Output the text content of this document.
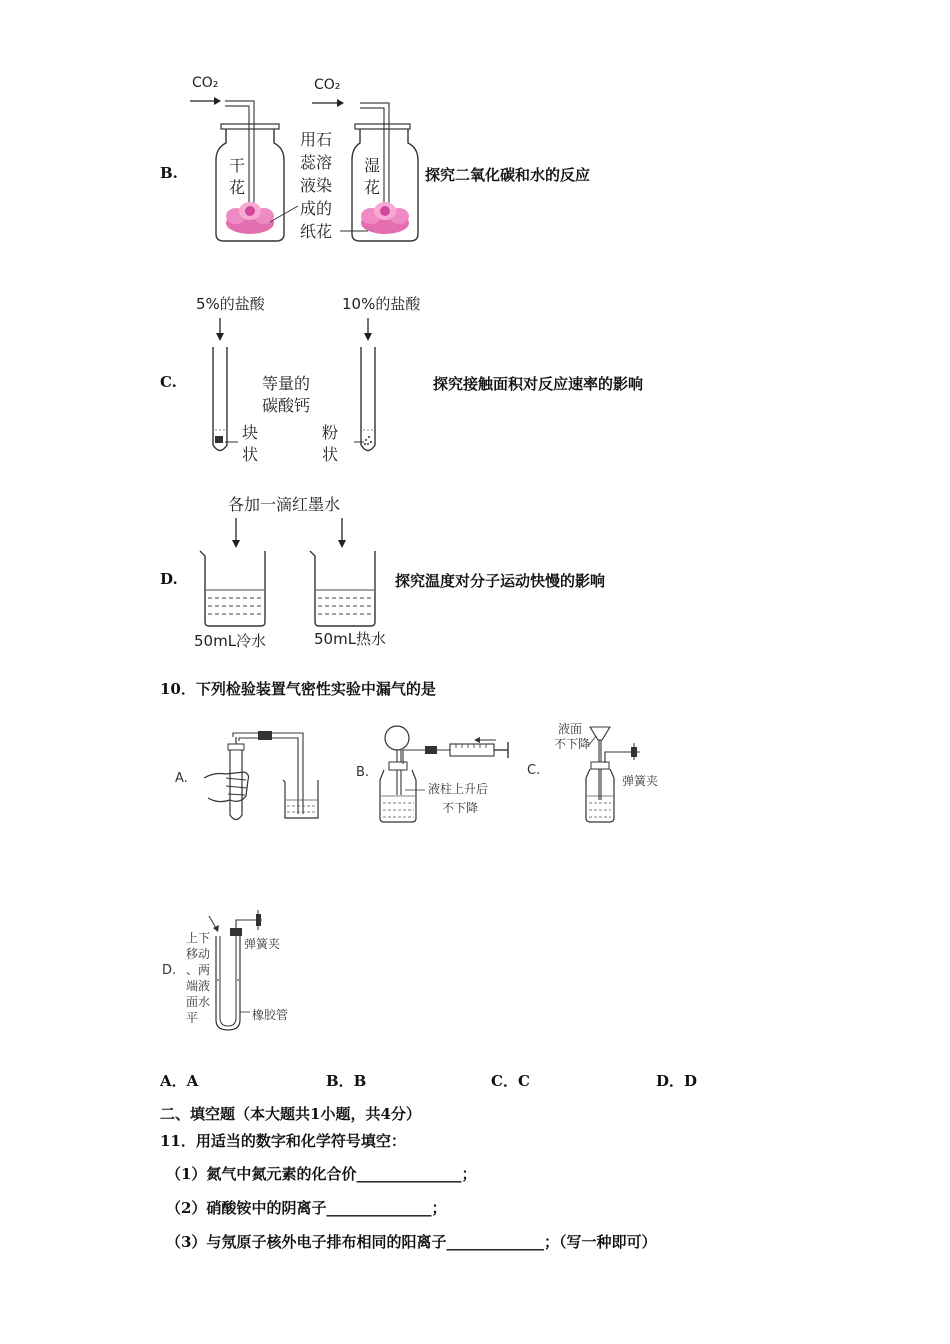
B.
CO₂	CO₂
干
花
湿
花
用石
蕊溶
液染
成的
纸花
探究二氧化碳和水的反应
C.
5%的盐酸	10%的盐酸
等量的
碳酸钙
块
状
粉
状
探究接触面积对反应速率的影响
D.
各加一滴红墨水
50mL冷水	50mL热水
探究温度对分子运动快慢的影响
10．下列检验装置气密性实验中漏气的是
A.	B.	C.
D.
液柱上升后
不下降
液面
不下降
弹簧夹
上下
移动
、两
端液
面水
平
弹簧夹
橡胶管
A．A	B．B	C．C	D．D
二、填空题（本大题共1小题，共4分）
11．用适当的数字和化学符号填空：
（1）氮气中氮元素的化合价______________；
（2）硝酸铵中的阴离子______________；
（3）与氖原子核外电子排布相同的阳离子_____________；（写一种即可）
